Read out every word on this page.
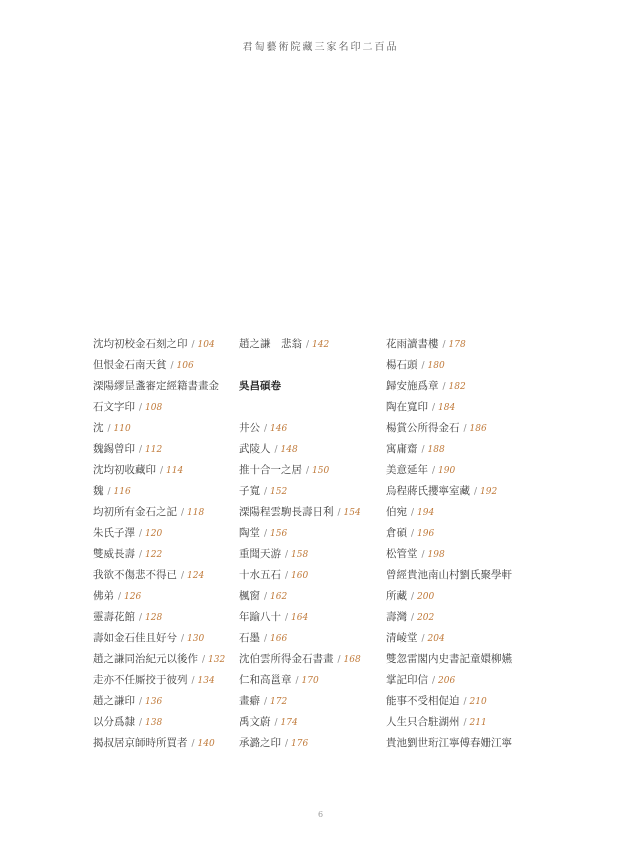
君匋藝術院藏三家名印二百品
沈均初校金石刻之印 / 104
但恨金石南天貧 / 106
溧陽繆昰盞審定經籍書畫金
石文字印 / 108
沈 / 110
魏錫曾印 / 112
沈均初收藏印 / 114
魏 / 116
均初所有金石之記 / 118
朱氏子澤 / 120
雙威長壽 / 122
我欲不傷悲不得已 / 124
佛弟 / 126
靈壽花館 / 128
壽如金石佳且好兮 / 130
趙之謙同治紀元以後作 / 132
走亦不任厮挍于彼列 / 134
趙之謙印 / 136
以分爲隸 / 138
揭叔居京師時所買者 / 140
趙之謙　悲翁 / 142
吳昌碩卷
井公 / 146
武陵人 / 148
推十合一之居 / 150
子寬 / 152
溧陽程雲駒長壽日利 / 154
陶堂 / 156
重聞天游 / 158
十水五石 / 160
楓窗 / 162
年踰八十 / 164
石墨 / 166
沈伯雲所得金石書畫 / 168
仁和高邕章 / 170
畫癖 / 172
禹文蔚 / 174
承潞之印 / 176
花雨讀書樓 / 178
楊石頭 / 180
歸安施爲章 / 182
陶在寬印 / 184
楊賞公所得金石 / 186
寓庸齋 / 188
美意延年 / 190
烏程蔣氏攖寧室藏 / 192
伯宛 / 194
倉碩 / 196
松管堂 / 198
曾經貴池南山村劉氏聚學軒
所藏 / 200
壽灣 / 202
清崚堂 / 204
雙忽雷閣内史書記童嬛柳嬿
掌記印信 / 206
能事不受相促迫 / 210
人生只合駐湖州 / 211
貴池劉世珩江寧傅春姗江寧
6
